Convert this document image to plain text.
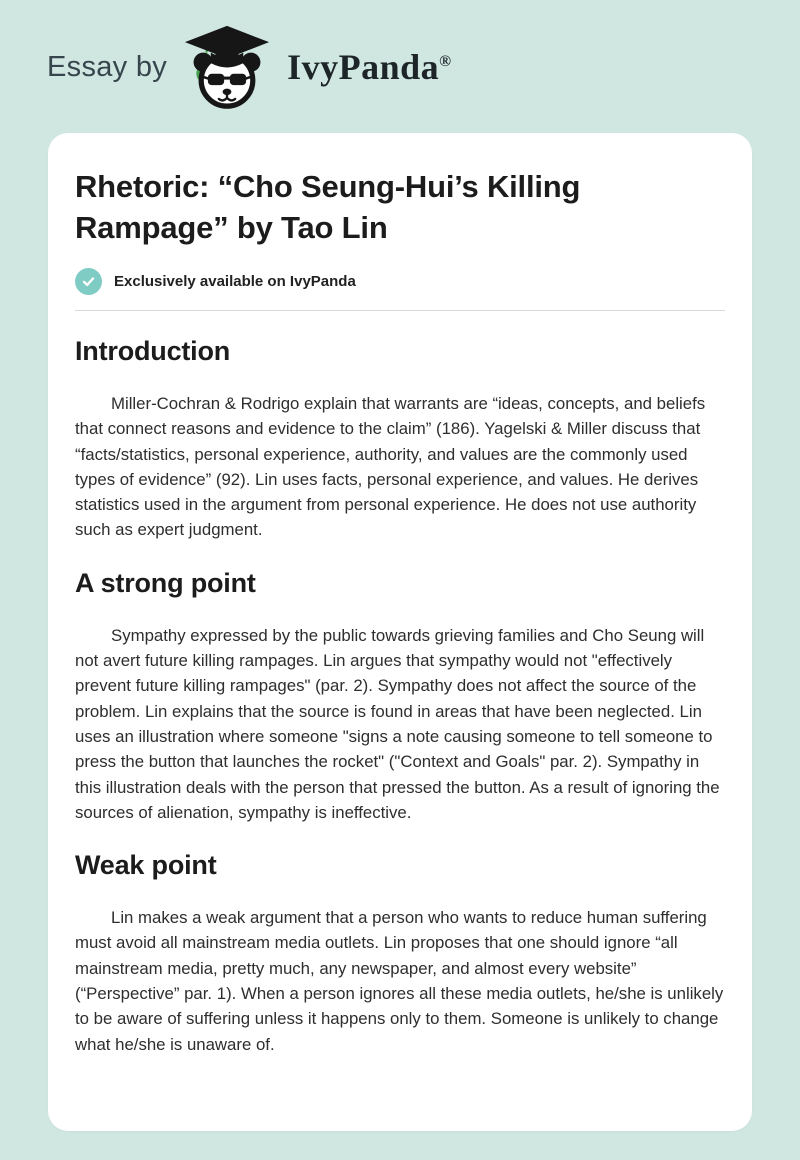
Essay by	IvyPanda®
Rhetoric: “Cho Seung-Hui’s Killing Rampage” by Tao Lin
Exclusively available on IvyPanda
Introduction

Miller-Cochran & Rodrigo explain that warrants are “ideas, concepts, and beliefs that connect reasons and evidence to the claim” (186). Yagelski & Miller discuss that “facts/statistics, personal experience, authority, and values are the commonly used types of evidence” (92). Lin uses facts, personal experience, and values. He derives statistics used in the argument from personal experience. He does not use authority such as expert judgment.

A strong point

Sympathy expressed by the public towards grieving families and Cho Seung will not avert future killing rampages. Lin argues that sympathy would not "effectively prevent future killing rampages" (par. 2). Sympathy does not affect the source of the problem. Lin explains that the source is found in areas that have been neglected. Lin uses an illustration where someone "signs a note causing someone to tell someone to press the button that launches the rocket" ("Context and Goals" par. 2). Sympathy in this illustration deals with the person that pressed the button. As a result of ignoring the sources of alienation, sympathy is ineffective.

Weak point

Lin makes a weak argument that a person who wants to reduce human suffering must avoid all mainstream media outlets. Lin proposes that one should ignore “all mainstream media, pretty much, any newspaper, and almost every website” (“Perspective” par. 1). When a person ignores all these media outlets, he/she is unlikely to be aware of suffering unless it happens only to them. Someone is unlikely to change what he/she is unaware of.
